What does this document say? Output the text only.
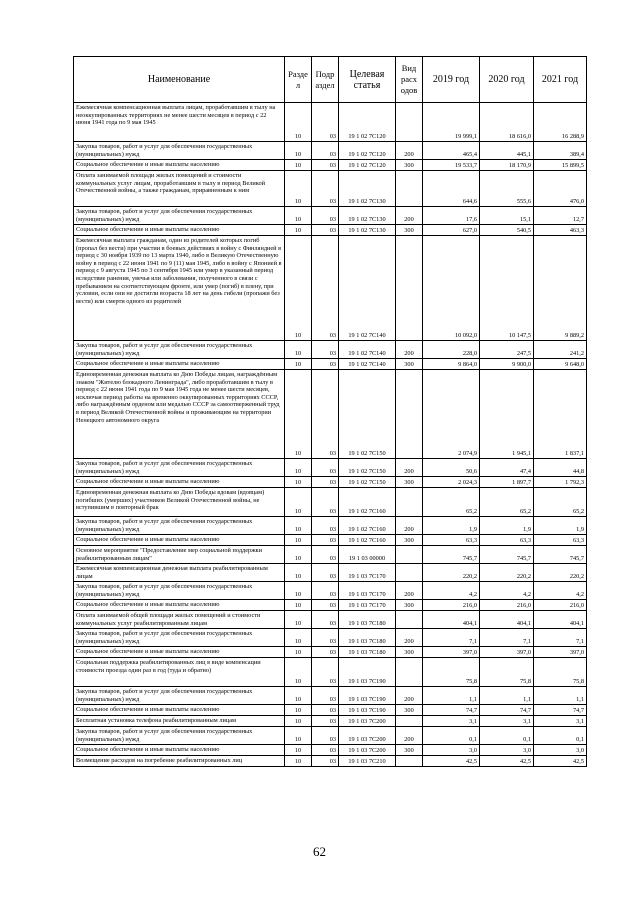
Наименование	Разде л	Подр аздел	Целевая статья	Вид расх одов	2019 год	2020 год	2021 год
Ежемесячная компенсационная выплата лицам, проработавшим в тылу на неоккупированных территориях не менее шести месяцев в период с 22 июня 1941 года по 9 мая 1945	10	03	19 1 02 7С120		19 999,1	18 616,0	16 288,9
Закупка товаров, работ и услуг для обеспечения государственных (муниципальных) нужд	10	03	19 1 02 7С120	200	465,4	445,1	389,4
Социальное обеспечение и иные выплаты населению	10	03	19 1 02 7С120	300	19 533,7	18 170,9	15 899,5
Оплата занимаемой площади жилых помещений и стоимости коммунальных услуг лицам, проработавшим в тылу в период Великой Отечественной войны, а также гражданам, приравненным к ним	10	03	19 1 02 7С130		644,6	555,6	476,0
Закупка товаров, работ и услуг для обеспечения государственных (муниципальных) нужд	10	03	19 1 02 7С130	200	17,6	15,1	12,7
Социальное обеспечение и иные выплаты населению	10	03	19 1 02 7С130	300	627,0	540,5	463,3
Ежемесячная выплата гражданам, один из родителей которых погиб (пропал без вести) при участии в боевых действиях в войну с Финляндией в период с 30 ноября 1939 по 13 марта 1940, либо в Великую Отечественную войну в период с 22 июня 1941 по 9 (11) мая 1945, либо в войну с Японией в период с 9 августа 1945 по 3 сентября 1945 или умер в указанный период вследствие ранения, увечья или заболевания, полученного в связи с пребыванием на соответствующем фронте, или умер (погиб) в плену, при условии, если они не достигли возраста 18 лет на день гибели (пропажи без вести) или смерти одного из родителей	10	03	19 1 02 7С140		10 092,0	10 147,5	9 889,2
Закупка товаров, работ и услуг для обеспечения государственных (муниципальных) нужд	10	03	19 1 02 7С140	200	228,0	247,5	241,2
Социальное обеспечение и иные выплаты населению	10	03	19 1 02 7С140	300	9 864,0	9 900,0	9 648,0
Единовременная денежная выплата ко Дню Победы лицам, награждённым знаком "Жителю блокадного Ленинграда", либо проработавшим в тылу в период с 22 июня 1941 года по 9 мая 1945 года не менее шести месяцев, исключая период работы на временно оккупированных территориях СССР, либо награждённым орденом или медалью СССР за самоотверженный труд в период Великой Отечественной войны и проживающим на территории Ненецкого автономного округа	10	03	19 1 02 7С150		2 074,9	1 945,1	1 837,1
Закупка товаров, работ и услуг для обеспечения государственных (муниципальных) нужд	10	03	19 1 02 7С150	200	50,6	47,4	44,8
Социальное обеспечение и иные выплаты населению	10	03	19 1 02 7С150	300	2 024,3	1 897,7	1 792,3
Единовременная денежная выплата ко Дню Победы вдовам (вдовцам) погибших (умерших) участников Великой Отечественной войны, не вступившим в повторный брак	10	03	19 1 02 7С160		65,2	65,2	65,2
Закупка товаров, работ и услуг для обеспечения государственных (муниципальных) нужд	10	03	19 1 02 7С160	200	1,9	1,9	1,9
Социальное обеспечение и иные выплаты населению	10	03	19 1 02 7С160	300	63,3	63,3	63,3
Основное мероприятие "Предоставление мер социальной поддержки реабилитированным лицам"	10	03	19 1 03 00000		745,7	745,7	745,7
Ежемесячная компенсационная денежная выплата реабилитированным лицам	10	03	19 1 03 7С170		220,2	220,2	220,2
Закупка товаров, работ и услуг для обеспечения государственных (муниципальных) нужд	10	03	19 1 03 7С170	200	4,2	4,2	4,2
Социальное обеспечение и иные выплаты населению	10	03	19 1 03 7С170	300	216,0	216,0	216,0
Оплата занимаемой общей площади жилых помещений и стоимости коммунальных услуг реабилитированным лицам	10	03	19 1 03 7С180		404,1	404,1	404,1
Закупка товаров, работ и услуг для обеспечения государственных (муниципальных) нужд	10	03	19 1 03 7С180	200	7,1	7,1	7,1
Социальное обеспечение и иные выплаты населению	10	03	19 1 03 7С180	300	397,0	397,0	397,0
Социальная поддержка реабилитированных лиц в виде компенсации стоимости проезда один раз в год (туда и обратно)	10	03	19 1 03 7С190		75,8	75,8	75,8
Закупка товаров, работ и услуг для обеспечения государственных (муниципальных) нужд	10	03	19 1 03 7С190	200	1,1	1,1	1,1
Социальное обеспечение и иные выплаты населению	10	03	19 1 03 7С190	300	74,7	74,7	74,7
Бесплатная установка телефона реабилитированным лицам	10	03	19 1 03 7С200		3,1	3,1	3,1
Закупка товаров, работ и услуг для обеспечения государственных (муниципальных) нужд	10	03	19 1 03 7С200	200	0,1	0,1	0,1
Социальное обеспечение и иные выплаты населению	10	03	19 1 03 7С200	300	3,0	3,0	3,0
Возмещение расходов на погребение реабилитированных лиц	10	03	19 1 03 7С210		42,5	42,5	42,5
62
